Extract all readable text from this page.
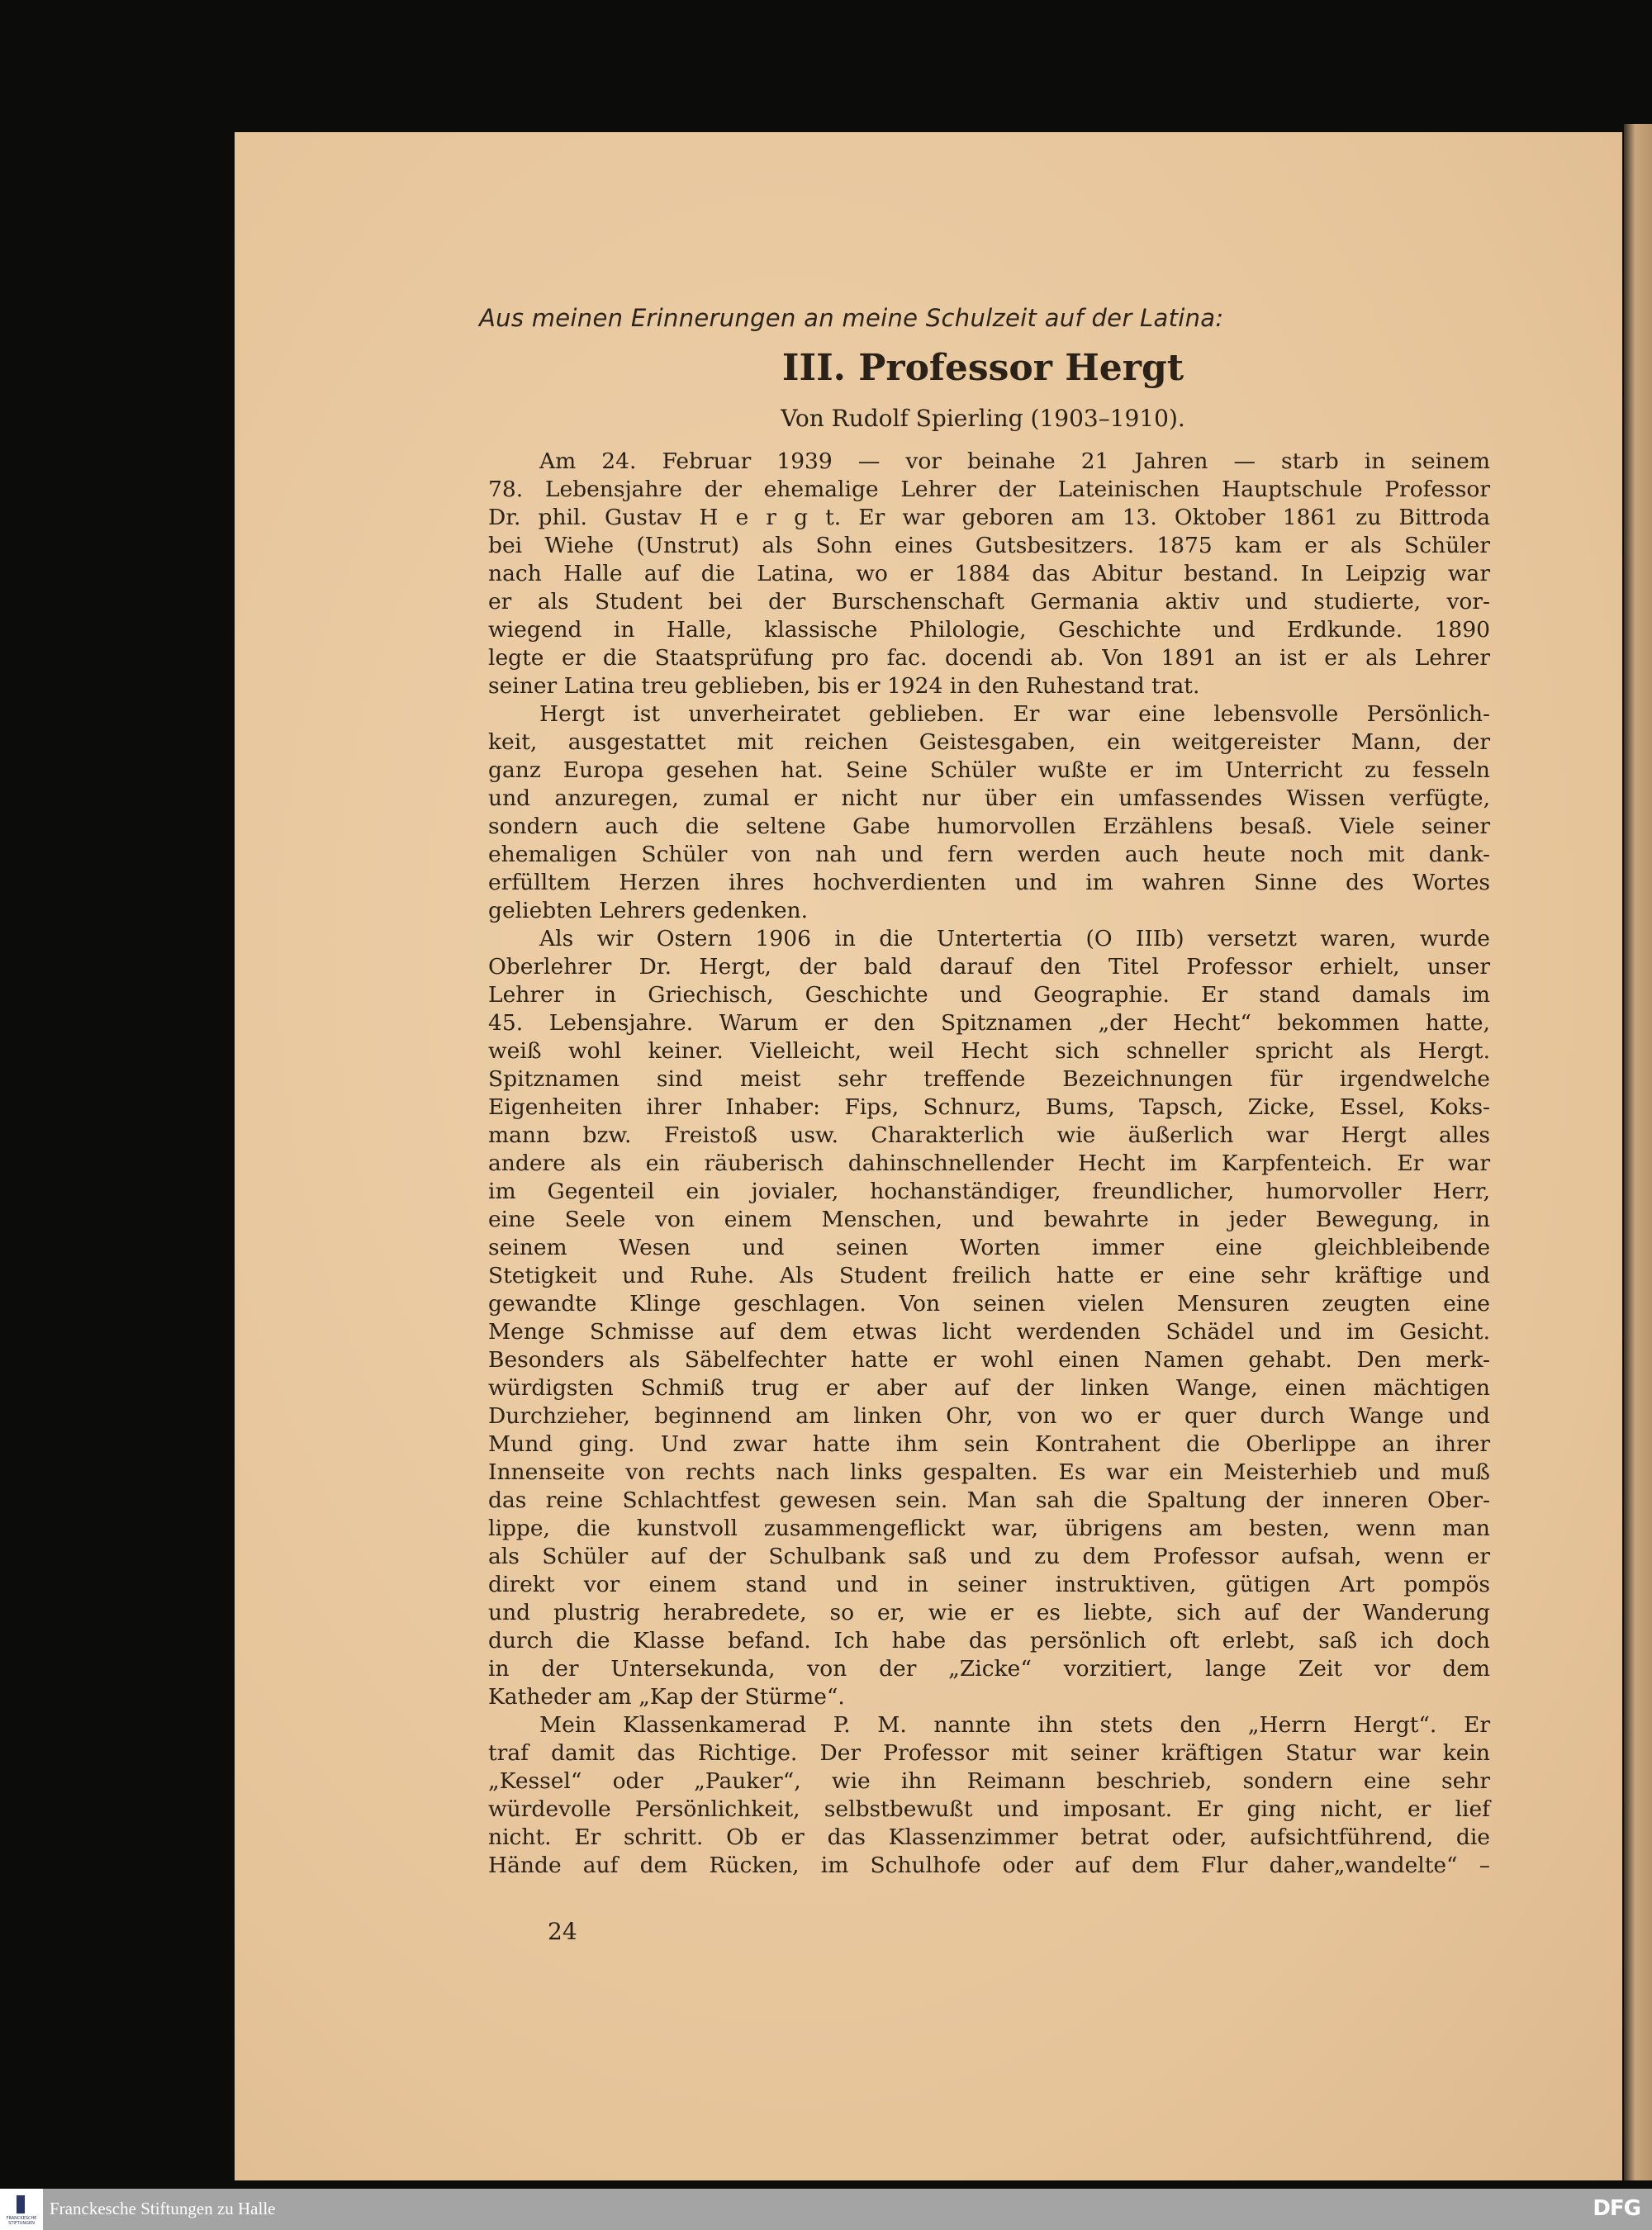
Aus meinen Erinnerungen an meine Schulzeit auf der Latina:
III. Professor Hergt
Von Rudolf Spierling (1903–1910).
Am 24. Februar 1939 — vor beinahe 21 Jahren — starb in seinem
78. Lebensjahre der ehemalige Lehrer der Lateinischen Hauptschule Professor
Dr. phil. Gustav H e r g t. Er war geboren am 13. Oktober 1861 zu Bittroda
bei Wiehe (Unstrut) als Sohn eines Gutsbesitzers. 1875 kam er als Schüler
nach Halle auf die Latina, wo er 1884 das Abitur bestand. In Leipzig war
er als Student bei der Burschenschaft Germania aktiv und studierte, vor-
wiegend in Halle, klassische Philologie, Geschichte und Erdkunde. 1890
legte er die Staatsprüfung pro fac. docendi ab. Von 1891 an ist er als Lehrer
seiner Latina treu geblieben, bis er 1924 in den Ruhestand trat.
Hergt ist unverheiratet geblieben. Er war eine lebensvolle Persönlich-
keit, ausgestattet mit reichen Geistesgaben, ein weitgereister Mann, der
ganz Europa gesehen hat. Seine Schüler wußte er im Unterricht zu fesseln
und anzuregen, zumal er nicht nur über ein umfassendes Wissen verfügte,
sondern auch die seltene Gabe humorvollen Erzählens besaß. Viele seiner
ehemaligen Schüler von nah und fern werden auch heute noch mit dank-
erfülltem Herzen ihres hochverdienten und im wahren Sinne des Wortes
geliebten Lehrers gedenken.
Als wir Ostern 1906 in die Untertertia (O IIIb) versetzt waren, wurde
Oberlehrer Dr. Hergt, der bald darauf den Titel Professor erhielt, unser
Lehrer in Griechisch, Geschichte und Geographie. Er stand damals im
45. Lebensjahre. Warum er den Spitznamen „der Hecht“ bekommen hatte,
weiß wohl keiner. Vielleicht, weil Hecht sich schneller spricht als Hergt.
Spitznamen sind meist sehr treffende Bezeichnungen für irgendwelche
Eigenheiten ihrer Inhaber: Fips, Schnurz, Bums, Tapsch, Zicke, Essel, Koks-
mann bzw. Freistoß usw. Charakterlich wie äußerlich war Hergt alles
andere als ein räuberisch dahinschnellender Hecht im Karpfenteich. Er war
im Gegenteil ein jovialer, hochanständiger, freundlicher, humorvoller Herr,
eine Seele von einem Menschen, und bewahrte in jeder Bewegung, in
seinem Wesen und seinen Worten immer eine gleichbleibende
Stetigkeit und Ruhe. Als Student freilich hatte er eine sehr kräftige und
gewandte Klinge geschlagen. Von seinen vielen Mensuren zeugten eine
Menge Schmisse auf dem etwas licht werdenden Schädel und im Gesicht.
Besonders als Säbelfechter hatte er wohl einen Namen gehabt. Den merk-
würdigsten Schmiß trug er aber auf der linken Wange, einen mächtigen
Durchzieher, beginnend am linken Ohr, von wo er quer durch Wange und
Mund ging. Und zwar hatte ihm sein Kontrahent die Oberlippe an ihrer
Innenseite von rechts nach links gespalten. Es war ein Meisterhieb und muß
das reine Schlachtfest gewesen sein. Man sah die Spaltung der inneren Ober-
lippe, die kunstvoll zusammengeflickt war, übrigens am besten, wenn man
als Schüler auf der Schulbank saß und zu dem Professor aufsah, wenn er
direkt vor einem stand und in seiner instruktiven, gütigen Art pompös
und plustrig herabredete, so er, wie er es liebte, sich auf der Wanderung
durch die Klasse befand. Ich habe das persönlich oft erlebt, saß ich doch
in der Untersekunda, von der „Zicke“ vorzitiert, lange Zeit vor dem
Katheder am „Kap der Stürme“.
Mein Klassenkamerad P. M. nannte ihn stets den „Herrn Hergt“. Er
traf damit das Richtige. Der Professor mit seiner kräftigen Statur war kein
„Kessel“ oder „Pauker“, wie ihn Reimann beschrieb, sondern eine sehr
würdevolle Persönlichkeit, selbstbewußt und imposant. Er ging nicht, er lief
nicht. Er schritt. Ob er das Klassenzimmer betrat oder, aufsichtführend, die
Hände auf dem Rücken, im Schulhofe oder auf dem Flur daher„wandelte“ –
24
FRANCKESCHE STIFTUNGEN
Franckesche Stiftungen zu Halle	DFG
